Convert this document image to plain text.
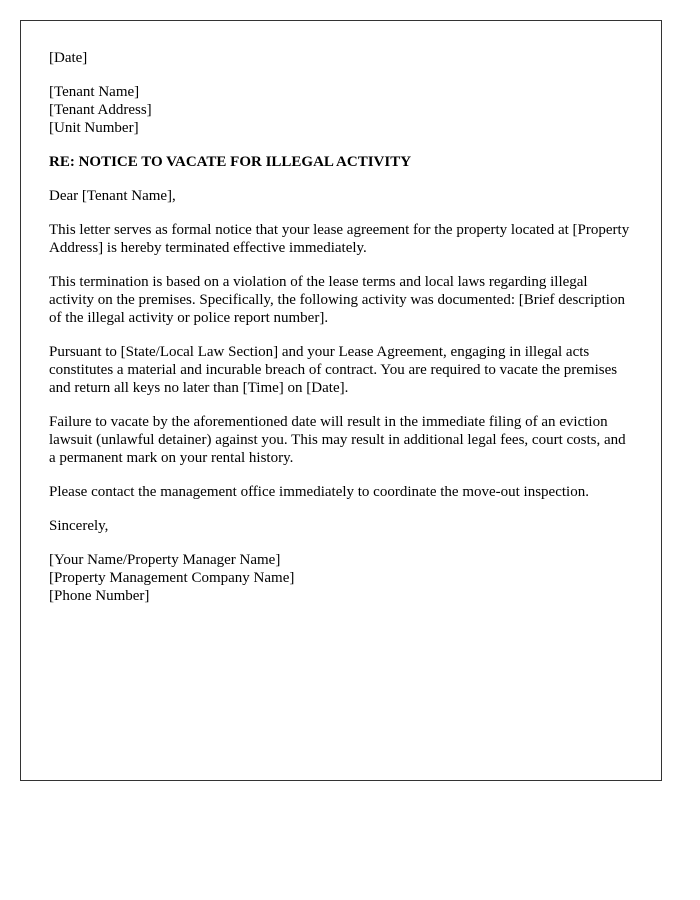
[Date]

[Tenant Name]
[Tenant Address]
[Unit Number]

RE: NOTICE TO VACATE FOR ILLEGAL ACTIVITY

Dear [Tenant Name],

This letter serves as formal notice that your lease agreement for the property located at [Property Address] is hereby terminated effective immediately.

This termination is based on a violation of the lease terms and local laws regarding illegal activity on the premises. Specifically, the following activity was documented: [Brief description of the illegal activity or police report number].

Pursuant to [State/Local Law Section] and your Lease Agreement, engaging in illegal acts constitutes a material and incurable breach of contract. You are required to vacate the premises and return all keys no later than [Time] on [Date].

Failure to vacate by the aforementioned date will result in the immediate filing of an eviction lawsuit (unlawful detainer) against you. This may result in additional legal fees, court costs, and a permanent mark on your rental history.

Please contact the management office immediately to coordinate the move-out inspection.

Sincerely,

[Your Name/Property Manager Name]
[Property Management Company Name]
[Phone Number]
